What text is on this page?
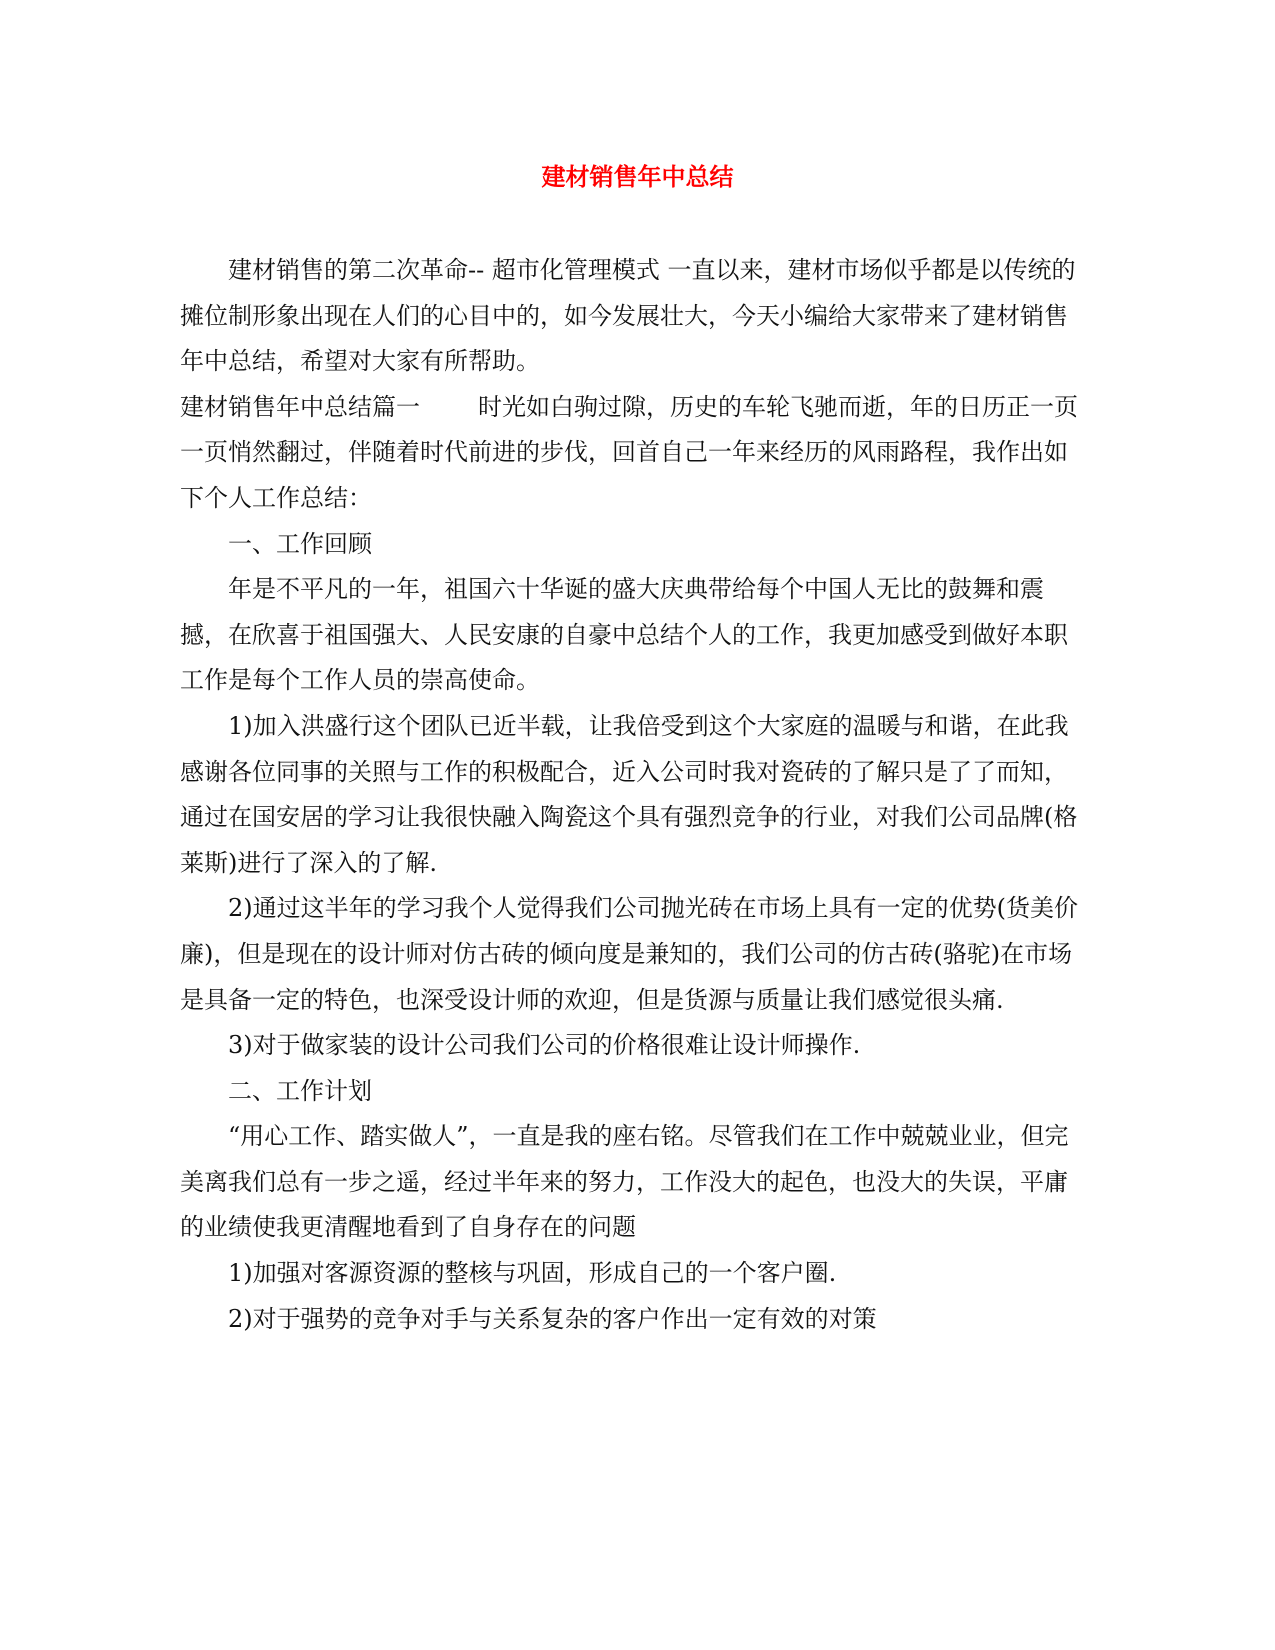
建材销售年中总结

建材销售的第二次革命-- 超市化管理模式 一直以来，建材市场似乎都是以传统的摊位制形象出现在人们的心目中的，如今发展壮大，今天小编给大家带来了建材销售年中总结，希望对大家有所帮助。

建材销售年中总结篇一 时光如白驹过隙，历史的车轮飞驰而逝，年的日历正一页一页悄然翻过，伴随着时代前进的步伐，回首自己一年来经历的风雨路程，我作出如下个人工作总结：

一、工作回顾

年是不平凡的一年，祖国六十华诞的盛大庆典带给每个中国人无比的鼓舞和震撼，在欣喜于祖国强大、人民安康的自豪中总结个人的工作，我更加感受到做好本职工作是每个工作人员的崇高使命。

1)加入洪盛行这个团队已近半载，让我倍受到这个大家庭的温暖与和谐，在此我感谢各位同事的关照与工作的积极配合，近入公司时我对瓷砖的了解只是了了而知，通过在国安居的学习让我很快融入陶瓷这个具有强烈竞争的行业，对我们公司品牌(格莱斯)进行了深入的了解.

2)通过这半年的学习我个人觉得我们公司抛光砖在市场上具有一定的优势(货美价廉)，但是现在的设计师对仿古砖的倾向度是兼知的，我们公司的仿古砖(骆驼)在市场是具备一定的特色，也深受设计师的欢迎，但是货源与质量让我们感觉很头痛.

3)对于做家装的设计公司我们公司的价格很难让设计师操作.

二、工作计划

“用心工作、踏实做人”，一直是我的座右铭。尽管我们在工作中兢兢业业，但完美离我们总有一步之遥，经过半年来的努力，工作没大的起色，也没大的失误，平庸的业绩使我更清醒地看到了自身存在的问题

1)加强对客源资源的整核与巩固，形成自己的一个客户圈.

2)对于强势的竞争对手与关系复杂的客户作出一定有效的对策
